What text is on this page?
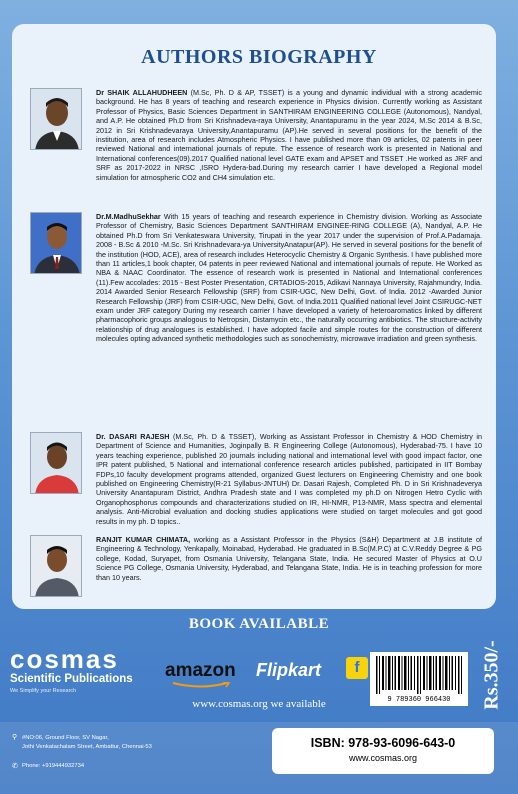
AUTHORS BIOGRAPHY
Dr SHAIK ALLAHUDHEEN (M.Sc, Ph. D & AP, TSSET) is a young and dynamic individual with a strong academic background. He has 8 years of teaching and research experience in Physics division. Currently working as Assistant Professor of Physics, Basic Sciences Department in SANTHIRAM ENGINEERING COLLEGE (Autonomous), Nandyal, and A.P. He obtained Ph.D from Sri Krishnadeva-raya University, Anantapuramu in the year 2024, M.Sc 2014 & B.Sc, 2012 in Sri Krishnadevaraya University,Anantapuramu (AP).He served in several positions for the benefit of the institution, area of research includes Atmospheric Physics. I have published more than 09 articles, 02 patents in peer reviewed National and international journals of repute. The essence of research work is presented in National and International conferences(09).2017 Qualified national level GATE exam and APSET and TSSET .He worked as JRF and SRF as 2017-2022 in NRSC ,ISRO Hydera-bad.During my research carrier I have developed a Regional model simulation for atmospheric CO2 and CH4 simulation etc.
Dr.M.MadhuSekhar With 15 years of teaching and research experience in Chemistry division. Working as Associate Professor of Chemistry, Basic Sciences Department SANTHIRAM ENGINEE-RING COLLEGE (A), Nandyal, A.P. He obtained Ph.D from Sri Venkateswara University, Tirupati in the year 2017 under the supervision of Prof.A.Padamaja. 2008 - B.Sc & 2010 -M.Sc. Sri Krishnadevara-ya UniversityAnatapur(AP). He served in several positions for the benefit of the institution (HOD, ACE), area of research includes Heterocyclic Chemistry & Organic Synthesis. I have published more than 11 articles,1 book chapter, 04 patents in peer reviewed National and international journals of repute. He Worked as NBA & NAAC Coordinator. The essence of research work is presented in National and International conferences (11).Few accolades: 2015 - Best Poster Presentation, CRTADIOS-2015, Adikavi Nannaya University, Rajahmundry, India. 2014 Awarded Senior Research Fellowship (SRF) from CSIR-UGC, New Delhi, Govt. of India. 2012 -Awarded Junior Research Fellowship (JRF) from CSIR-UGC, New Delhi, Govt. of India.2011 Qualified national level Joint CSIRUGC-NET exam under JRF category During my research carrier I have developed a variety of heteroaromatics linked by different pharmacophoric groups analogous to Netropsin, Distamycin etc., the naturally occurring antibiotics. The structure-activity relationship of drug analogues is established. I have adopted facile and simple routes for the construction of different molecules opting advanced synthetic methodologies such as sonochemistry, microwave irradiation and green synthesis.
Dr. DASARI RAJESH (M.Sc, Ph. D & TSSET), Working as Assistant Professor in Chemistry & HOD Chemistry in Department of Science and Humanities, Joginpally B. R Engineering College (Autonomous), Hyderabad-75. I have 10 years teaching experience, published 20 journals including national and international level with good impact factor, one IPR patent published, 5 National and international conference research articles published, participated in IIT Bombay FDPs,10 faculty development programs attended, organized Guest lecturers on Engineering Chemistry and one book published on Engineering Chemistry(R-21 Syllabus-JNTUH) Dr. Dasari Rajesh, Completed Ph. D in Sri Krishnadeverya University Anantapuram District, Andhra Pradesh state and I was completed my ph.D on Nitrogen Hetro Cyclic with Organophosphorus compounds and characterizations studied on IR, HI-NMR, P13-NMR, Mass spectra and elemental analysis. Anti-Microbial evaluation and docking studies applications were studied on target molecules and got good results in my ph. D topics..
RANJIT KUMAR CHIMATA, working as a Assistant Professor in the Physics (S&H) Department at J.B institute of Engineering & Technology, Yenkapally, Moinabad, Hyderabad. He graduated in B.Sc(M.P.C) at C.V.Reddy Degree & PG college, Kodad, Suryapet, from Osmania University, Telangana State, India. He secured Master of Physics at O.U Science PG College, Osmania University, Hyderabad, and Telangana State, India. He is in teaching profession for more than 10 years.
BOOK AVAILABLE
cosmas
Scientific Publications
We Simplify your Research
amazon Flipkart	f
9 789360 966430	Rs.350/-
www.cosmas.org we available
⚲ #NO:06, Ground Floor, SV Nagar,
Jothi Venkatachalam Street, Ambattur, Chennai-53
✆ Phone: +919444932734
ISBN: 978-93-6096-643-0
www.cosmas.org
